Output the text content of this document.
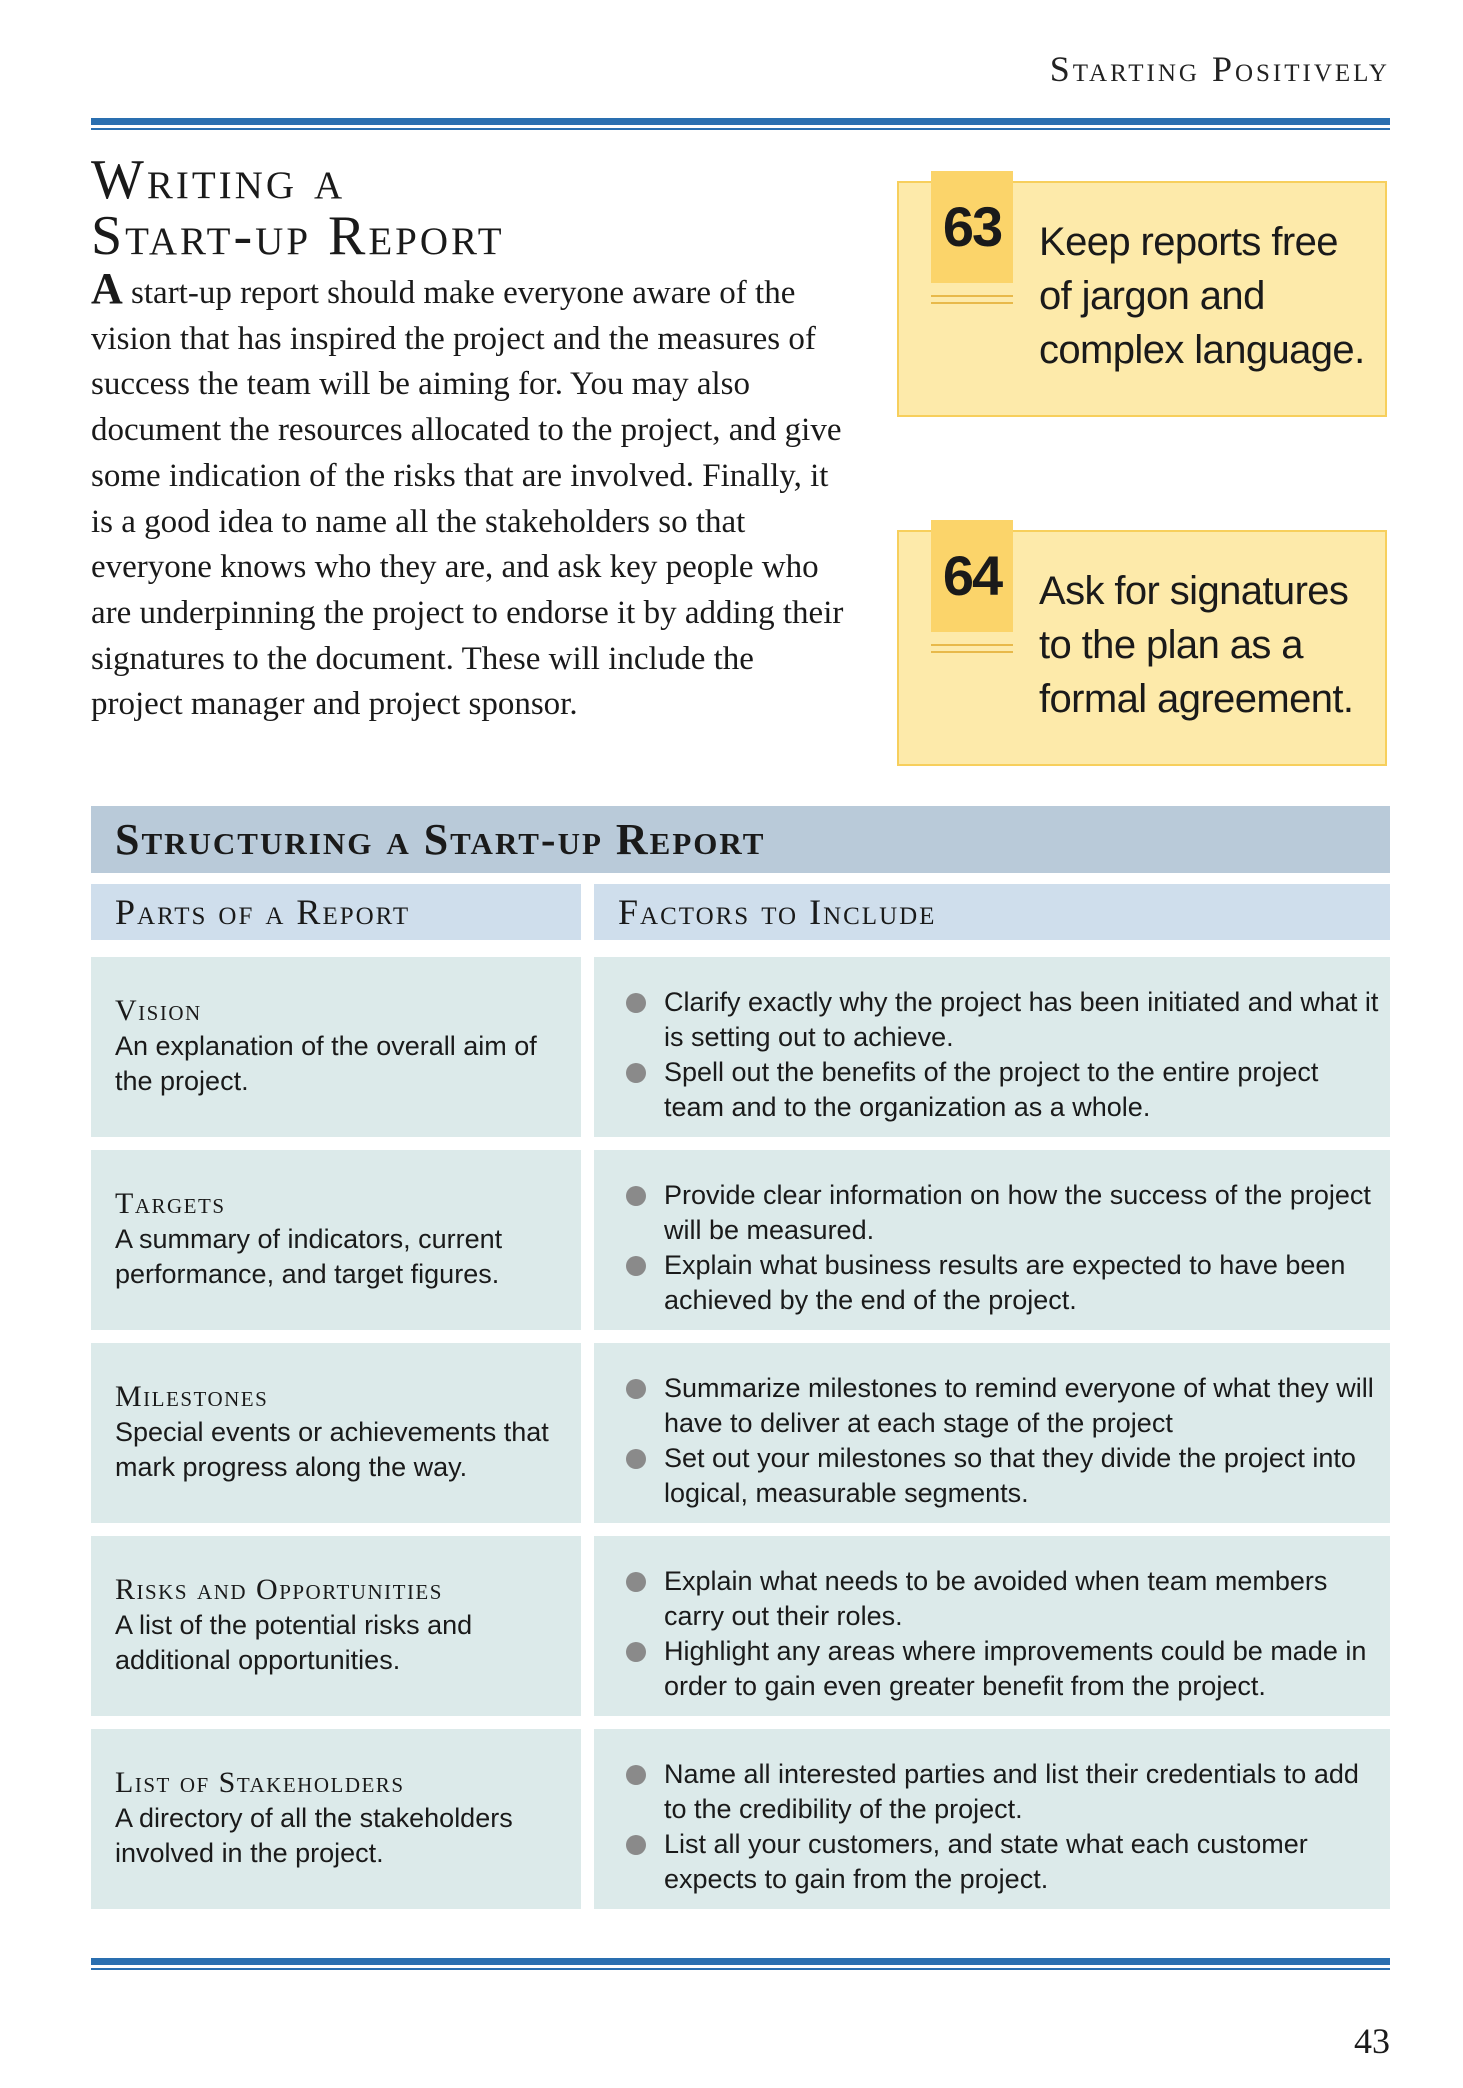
Starting Positively
Writing a
Start-up Report

A start-up report should make everyone aware of the vision that has inspired the project and the measures of success the team will be aiming for. You may also document the resources allocated to the project, and give some indication of the risks that are involved. Finally, it is a good idea to name all the stakeholders so that everyone knows who they are, and ask key people who are underpinning the project to endorse it by adding their signatures to the document. These will include the project manager and project sponsor.

63 Keep reports free of jargon and complex language.
64 Ask for signatures to the plan as a formal agreement.
Structuring a Start-up Report
Parts of a Report	Factors to Include
Vision
An explanation of the overall aim of the project.
Clarify exactly why the project has been initiated and what it is setting out to achieve.
Spell out the benefits of the project to the entire project team and to the organization as a whole.
Targets
A summary of indicators, current performance, and target figures.
Provide clear information on how the success of the project will be measured.
Explain what business results are expected to have been achieved by the end of the project.
Milestones
Special events or achievements that mark progress along the way.
Summarize milestones to remind everyone of what they will have to deliver at each stage of the project
Set out your milestones so that they divide the project into logical, measurable segments.
Risks and Opportunities
A list of the potential risks and additional opportunities.
Explain what needs to be avoided when team members carry out their roles.
Highlight any areas where improvements could be made in order to gain even greater benefit from the project.
List of Stakeholders
A directory of all the stakeholders involved in the project.
Name all interested parties and list their credentials to add to the credibility of the project.
List all your customers, and state what each customer expects to gain from the project.
43
